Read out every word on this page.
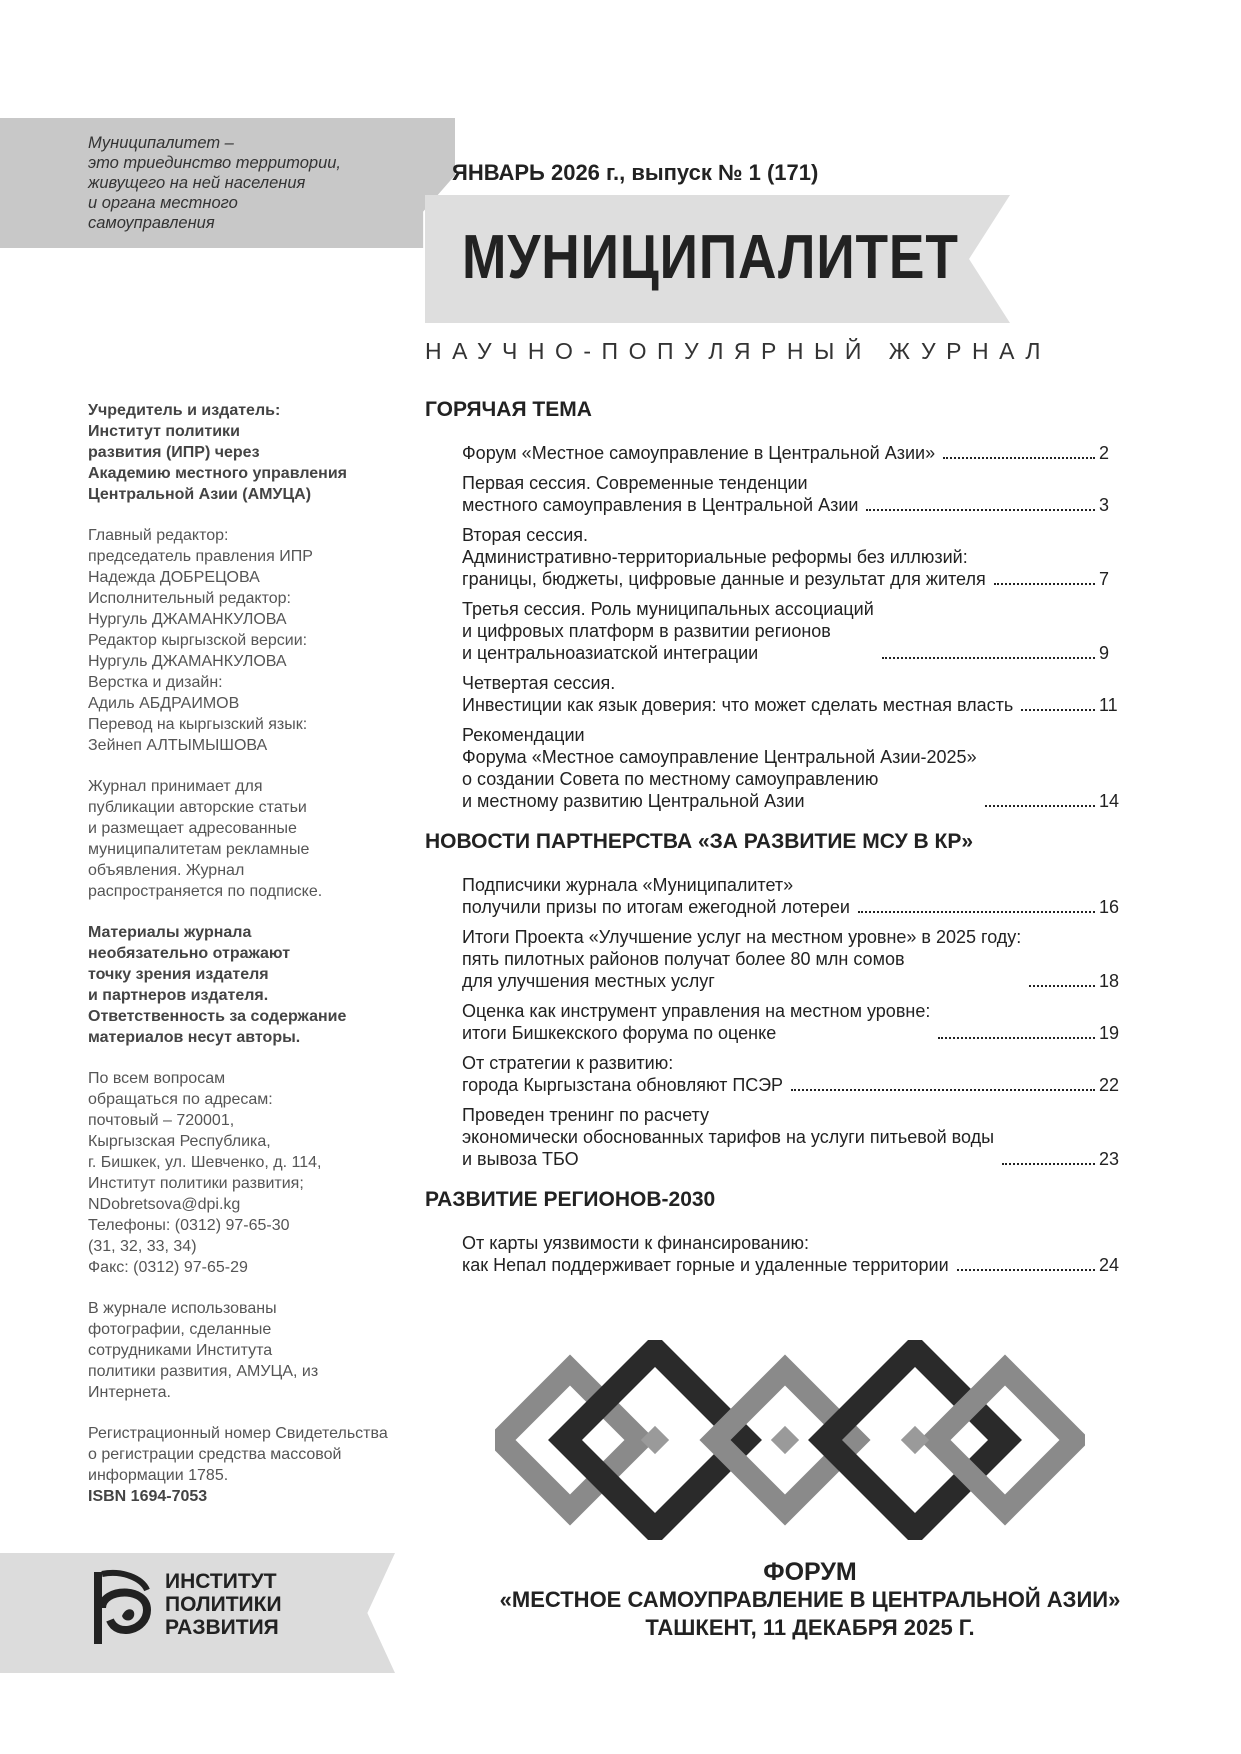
Муниципалитет –
это триединство территории,
живущего на ней населения
и органа местного
самоуправления
ЯНВАРЬ 2026 г., выпуск № 1 (171)
МУНИЦИПАЛИТЕТ
НАУЧНО-ПОПУЛЯРНЫЙ ЖУРНАЛ

Учредитель и издатель:
Институт политики
развития (ИПР) через
Академию местного управления
Центральной Азии (АМУЦА)

Главный редактор:
председатель правления ИПР
Надежда ДОБРЕЦОВА
Исполнительный редактор:
Нургуль ДЖАМАНКУЛОВА
Редактор кыргызской версии:
Нургуль ДЖАМАНКУЛОВА
Верстка и дизайн:
Адиль АБДРАИМОВ
Перевод на кыргызский язык:
Зейнеп АЛТЫМЫШОВА

Журнал принимает для
публикации авторские статьи
и размещает адресованные
муниципалитетам рекламные
объявления. Журнал
распространяется по подписке.

Материалы журнала
необязательно отражают
точку зрения издателя
и партнеров издателя.
Ответственность за содержание
материалов несут авторы.

По всем вопросам
обращаться по адресам:
почтовый – 720001,
Кыргызская Республика,
г. Бишкек, ул. Шевченко, д. 114,
Институт политики развития;
NDobretsova@dpi.kg
Телефоны: (0312) 97-65-30
(31, 32, 33, 34)
Факс: (0312) 97-65-29

В журнале использованы
фотографии, сделанные
сотрудниками Института
политики развития, АМУЦА, из
Интернета.

Регистрационный номер Свидетельства о регистрации средства массовой информации 1785.

ISBN 1694-7053
ГОРЯЧАЯ ТЕМА
Форум «Местное самоуправление в Центральной Азии»	2
Первая сессия. Современные тенденции
местного самоуправления в Центральной Азии	3
Вторая сессия.
Административно-территориальные реформы без иллюзий:
границы, бюджеты, цифровые данные и результат для жителя	7
Третья сессия. Роль муниципальных ассоциаций
и цифровых платформ в развитии регионов
и центральноазиатской интеграции	9
Четвертая сессия.
Инвестиции как язык доверия: что может сделать местная власть	11
Рекомендации
Форума «Местное самоуправление Центральной Азии-2025»
о создании Совета по местному самоуправлению
и местному развитию Центральной Азии	14
НОВОСТИ ПАРТНЕРСТВА «ЗА РАЗВИТИЕ МСУ В КР»
Подписчики журнала «Муниципалитет»
получили призы по итогам ежегодной лотереи	16
Итоги Проекта «Улучшение услуг на местном уровне» в 2025 году:
пять пилотных районов получат более 80 млн сомов
для улучшения местных услуг	18
Оценка как инструмент управления на местном уровне:
итоги Бишкекского форума по оценке	19
От стратегии к развитию:
города Кыргызстана обновляют ПСЭР	22
Проведен тренинг по расчету
экономически обоснованных тарифов на услуги питьевой воды
и вывоза ТБО	23
РАЗВИТИЕ РЕГИОНОВ-2030
От карты уязвимости к финансированию:
как Непал поддерживает горные и удаленные территории	24
ИНСТИТУТ
ПОЛИТИКИ
РАЗВИТИЯ
ФОРУМ
«МЕСТНОЕ САМОУПРАВЛЕНИЕ В ЦЕНТРАЛЬНОЙ АЗИИ»
ТАШКЕНТ, 11 ДЕКАБРЯ 2025 Г.
